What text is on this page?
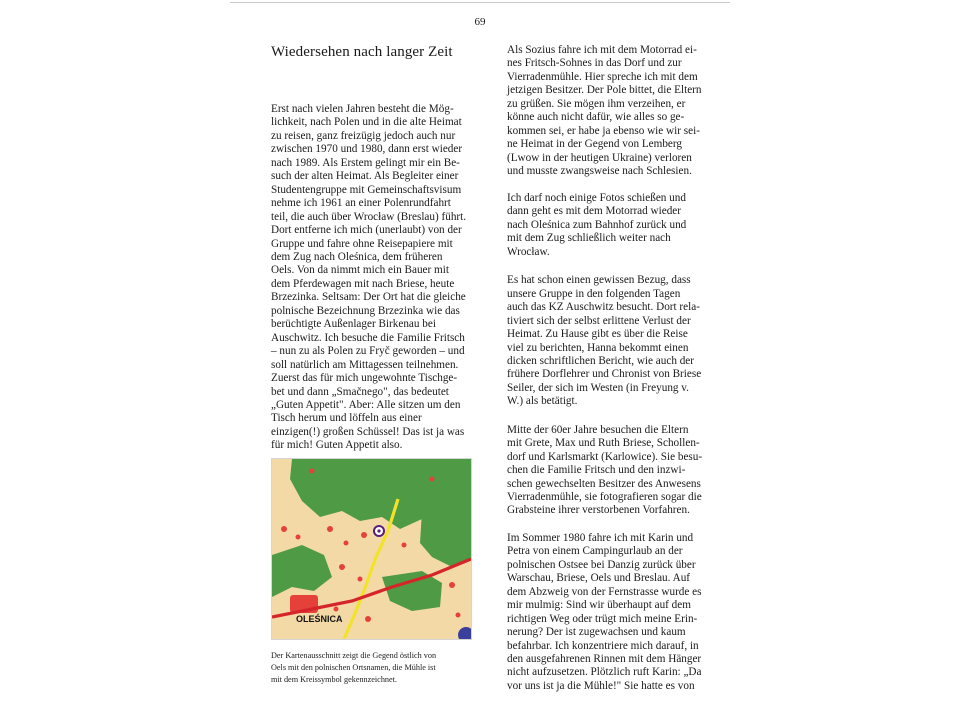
69
Wiedersehen nach langer Zeit

Erst nach vielen Jahren besteht die Mög-
lichkeit, nach Polen und in die alte Heimat
zu reisen, ganz freizügig jedoch auch nur
zwischen 1970 und 1980, dann erst wieder
nach 1989. Als Erstem gelingt mir ein Be-
such der alten Heimat. Als Begleiter einer
Studentengruppe mit Gemeinschaftsvisum
nehme ich 1961 an einer Polenrundfahrt
teil, die auch über Wrocław (Breslau) führt.
Dort entferne ich mich (unerlaubt) von der
Gruppe und fahre ohne Reisepapiere mit
dem Zug nach Oleśnica, dem früheren
Oels. Von da nimmt mich ein Bauer mit
dem Pferdewagen mit nach Briese, heute
Brzezinka. Seltsam: Der Ort hat die gleiche
polnische Bezeichnung Brzezinka wie das
berüchtigte Außenlager Birkenau bei
Auschwitz. Ich besuche die Familie Fritsch
– nun zu als Polen zu Fryč geworden – und
soll natürlich am Mittagessen teilnehmen.
Zuerst das für mich ungewohnte Tischge-
bet und dann „Smačnego", das bedeutet
„Guten Appetit". Aber: Alle sitzen um den
Tisch herum und löffeln aus einer
einzigen(!) großen Schüssel! Das ist ja was
für mich! Guten Appetit also.

OLEŚNICA
Der Kartenausschnitt zeigt die Gegend östlich von
Oels mit den polnischen Ortsnamen, die Mühle ist
mit dem Kreissymbol gekennzeichnet.

Als Sozius fahre ich mit dem Motorrad ei-
nes Fritsch-Sohnes in das Dorf und zur
Vierradenmühle. Hier spreche ich mit dem
jetzigen Besitzer. Der Pole bittet, die Eltern
zu grüßen. Sie mögen ihm verzeihen, er
könne auch nicht dafür, wie alles so ge-
kommen sei, er habe ja ebenso wie wir sei-
ne Heimat in der Gegend von Lemberg
(Lwow in der heutigen Ukraine) verloren
und musste zwangsweise nach Schlesien.

Ich darf noch einige Fotos schießen und
dann geht es mit dem Motorrad wieder
nach Oleśnica zum Bahnhof zurück und
mit dem Zug schließlich weiter nach
Wrocław.

Es hat schon einen gewissen Bezug, dass
unsere Gruppe in den folgenden Tagen
auch das KZ Auschwitz besucht. Dort rela-
tiviert sich der selbst erlittene Verlust der
Heimat. Zu Hause gibt es über die Reise
viel zu berichten, Hanna bekommt einen
dicken schriftlichen Bericht, wie auch der
frühere Dorflehrer und Chronist von Briese
Seiler, der sich im Westen (in Freyung v.
W.) als betätigt.

Mitte der 60er Jahre besuchen die Eltern
mit Grete, Max und Ruth Briese, Schollen-
dorf und Karlsmarkt (Karlowice). Sie besu-
chen die Familie Fritsch und den inzwi-
schen gewechselten Besitzer des Anwesens
Vierradenmühle, sie fotografieren sogar die
Grabsteine ihrer verstorbenen Vorfahren.

Im Sommer 1980 fahre ich mit Karin und
Petra von einem Campingurlaub an der
polnischen Ostsee bei Danzig zurück über
Warschau, Briese, Oels und Breslau. Auf
dem Abzweig von der Fernstrasse wurde es
mir mulmig: Sind wir überhaupt auf dem
richtigen Weg oder trügt mich meine Erin-
nerung? Der ist zugewachsen und kaum
befahrbar. Ich konzentriere mich darauf, in
den ausgefahrenen Rinnen mit dem Hänger
nicht aufzusetzen. Plötzlich ruft Karin: „Da
vor uns ist ja die Mühle!" Sie hatte es von
